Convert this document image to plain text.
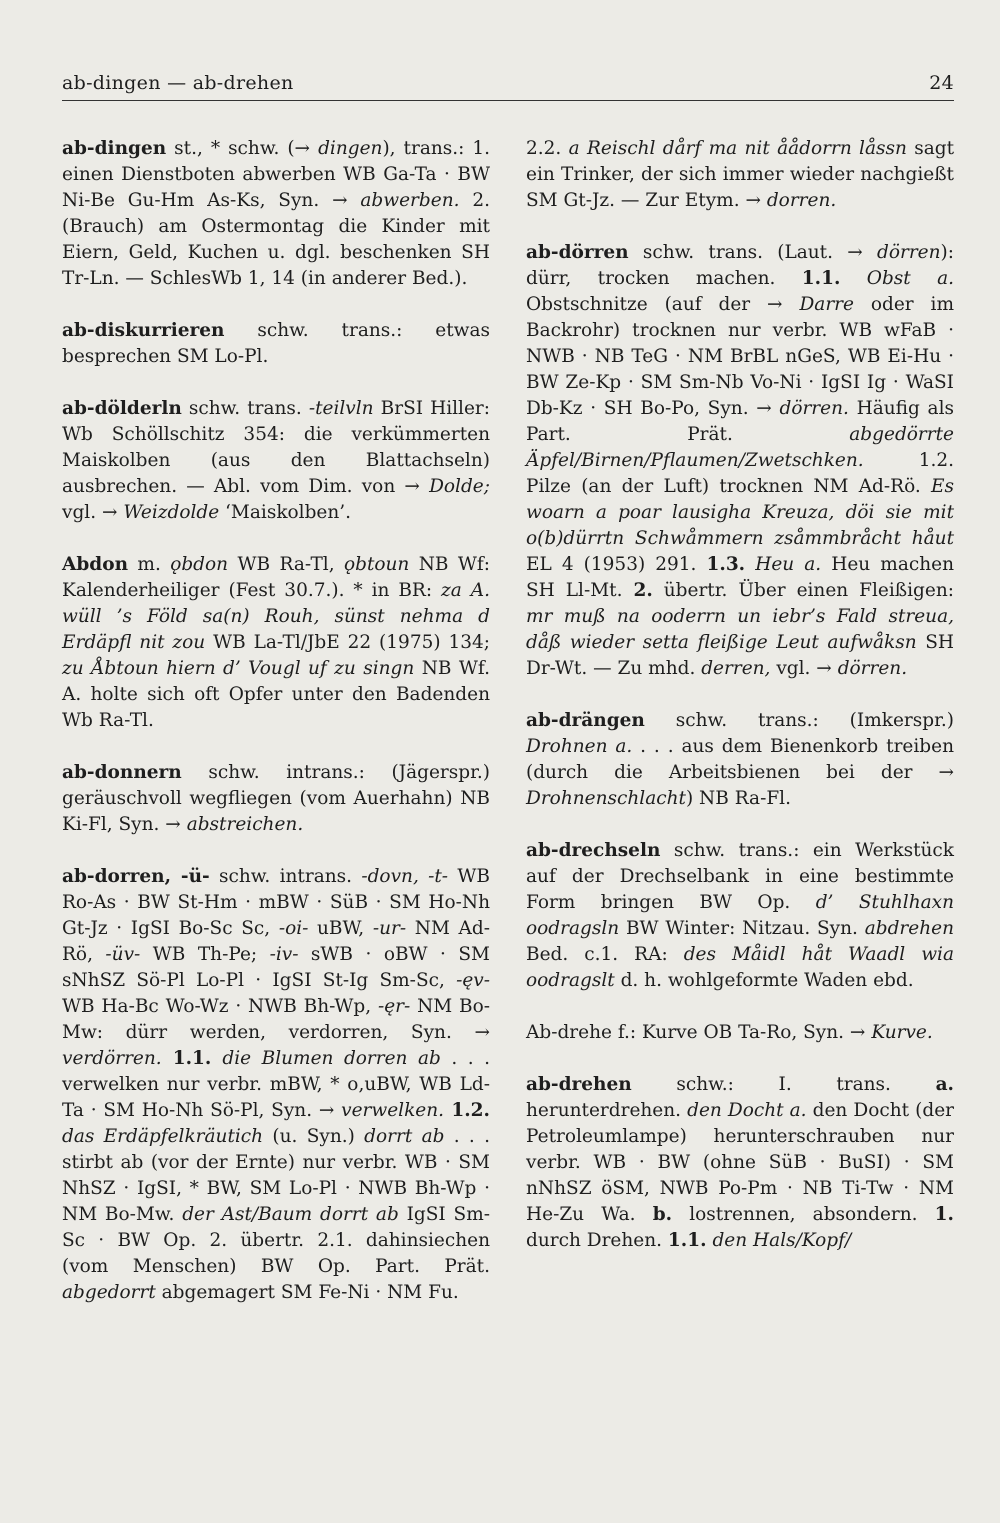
ab-dingen — ab-drehen	24

ab-dingen st., * schw. (→ dingen), trans.: 1. einen Dienstboten abwerben WB Ga-Ta · BW Ni-Be Gu-Hm As-Ks, Syn. → abwerben. 2. (Brauch) am Ostermontag die Kinder mit Eiern, Geld, Kuchen u. dgl. beschenken SH Tr-Ln. — SchlesWb 1, 14 (in anderer Bed.).

ab-diskurrieren schw. trans.: etwas besprechen SM Lo-Pl.

ab-dölderln schw. trans. -teilvln BrSI Hiller: Wb Schöllschitz 354: die verkümmerten Maiskolben (aus den Blattachseln) ausbrechen. — Abl. vom Dim. von → Dolde; vgl. → Weizdolde ‘Maiskolben’.

Abdon m. ǫbdon WB Ra-Tl, ǫbtoun NB Wf: Kalenderheiliger (Fest 30.7.). * in BR: za A. wüll ’s Föld sa(n) Rouh, sünst nehma d Erdäpfl nit zou WB La-Tl/JbE 22 (1975) 134; zu Åbtoun hiern d’ Vougl uf zu singn NB Wf. A. holte sich oft Opfer unter den Badenden Wb Ra-Tl.

ab-donnern schw. intrans.: (Jägerspr.) geräuschvoll wegfliegen (vom Auerhahn) NB Ki-Fl, Syn. → abstreichen.

ab-dorren, -ü- schw. intrans. -dovn, -t- WB Ro-As · BW St-Hm · mBW · SüB · SM Ho-Nh Gt-Jz · IgSI Bo-Sc Sc, -oi- uBW, -ur- NM Ad-Rö, -üv- WB Th-Pe; -iv- sWB · oBW · SM sNhSZ Sö-Pl Lo-Pl · IgSI St-Ig Sm-Sc, -ęv- WB Ha-Bc Wo-Wz · NWB Bh-Wp, -ęr- NM Bo-Mw: dürr werden, verdorren, Syn. → verdörren. 1.1. die Blumen dorren ab . . . verwelken nur verbr. mBW, * o,uBW, WB Ld-Ta · SM Ho-Nh Sö-Pl, Syn. → verwelken. 1.2. das Erdäpfelkräutich (u. Syn.) dorrt ab . . . stirbt ab (vor der Ernte) nur verbr. WB · SM NhSZ · IgSI, * BW, SM Lo-Pl · NWB Bh-Wp · NM Bo-Mw. der Ast/Baum dorrt ab IgSI Sm-Sc · BW Op. 2. übertr. 2.1. dahinsiechen (vom Menschen) BW Op. Part. Prät. abgedorrt abgemagert SM Fe-Ni · NM Fu.

2.2. a Reischl dårf ma nit åådorrn låssn sagt ein Trinker, der sich immer wieder nachgießt SM Gt-Jz. — Zur Etym. → dorren.

ab-dörren schw. trans. (Laut. → dörren): dürr, trocken machen. 1.1. Obst a. Obstschnitze (auf der → Darre oder im Backrohr) trocknen nur verbr. WB wFaB · NWB · NB TeG · NM BrBL nGeS, WB Ei-Hu · BW Ze-Kp · SM Sm-Nb Vo-Ni · IgSI Ig · WaSI Db-Kz · SH Bo-Po, Syn. → dörren. Häufig als Part. Prät. abgedörrte Äpfel/Birnen/Pflaumen/Zwetschken. 1.2. Pilze (an der Luft) trocknen NM Ad-Rö. Es woarn a poar lausigha Kreuza, döi sie mit o(b)dürrtn Schwåmmern zsåmmbråcht håut EL 4 (1953) 291. 1.3. Heu a. Heu machen SH Ll-Mt. 2. übertr. Über einen Fleißigen: mr muß na ooderrn un iebr’s Fald streua, dåß wieder setta fleißige Leut aufwåksn SH Dr-Wt. — Zu mhd. derren, vgl. → dörren.

ab-drängen schw. trans.: (Imkerspr.) Drohnen a. . . . aus dem Bienenkorb treiben (durch die Arbeitsbienen bei der → Drohnenschlacht) NB Ra-Fl.

ab-drechseln schw. trans.: ein Werkstück auf der Drechselbank in eine bestimmte Form bringen BW Op. d’ Stuhlhaxn oodragsln BW Winter: Nitzau. Syn. abdrehen Bed. c.1. RA: des Måidl håt Waadl wia oodragslt d. h. wohlgeformte Waden ebd.

Ab-drehe f.: Kurve OB Ta-Ro, Syn. → Kurve.

ab-drehen schw.: I. trans. a. herunterdrehen. den Docht a. den Docht (der Petroleumlampe) herunterschrauben nur verbr. WB · BW (ohne SüB · BuSI) · SM nNhSZ öSM, NWB Po-Pm · NB Ti-Tw · NM He-Zu Wa. b. lostrennen, absondern. 1. durch Drehen. 1.1. den Hals/Kopf/
